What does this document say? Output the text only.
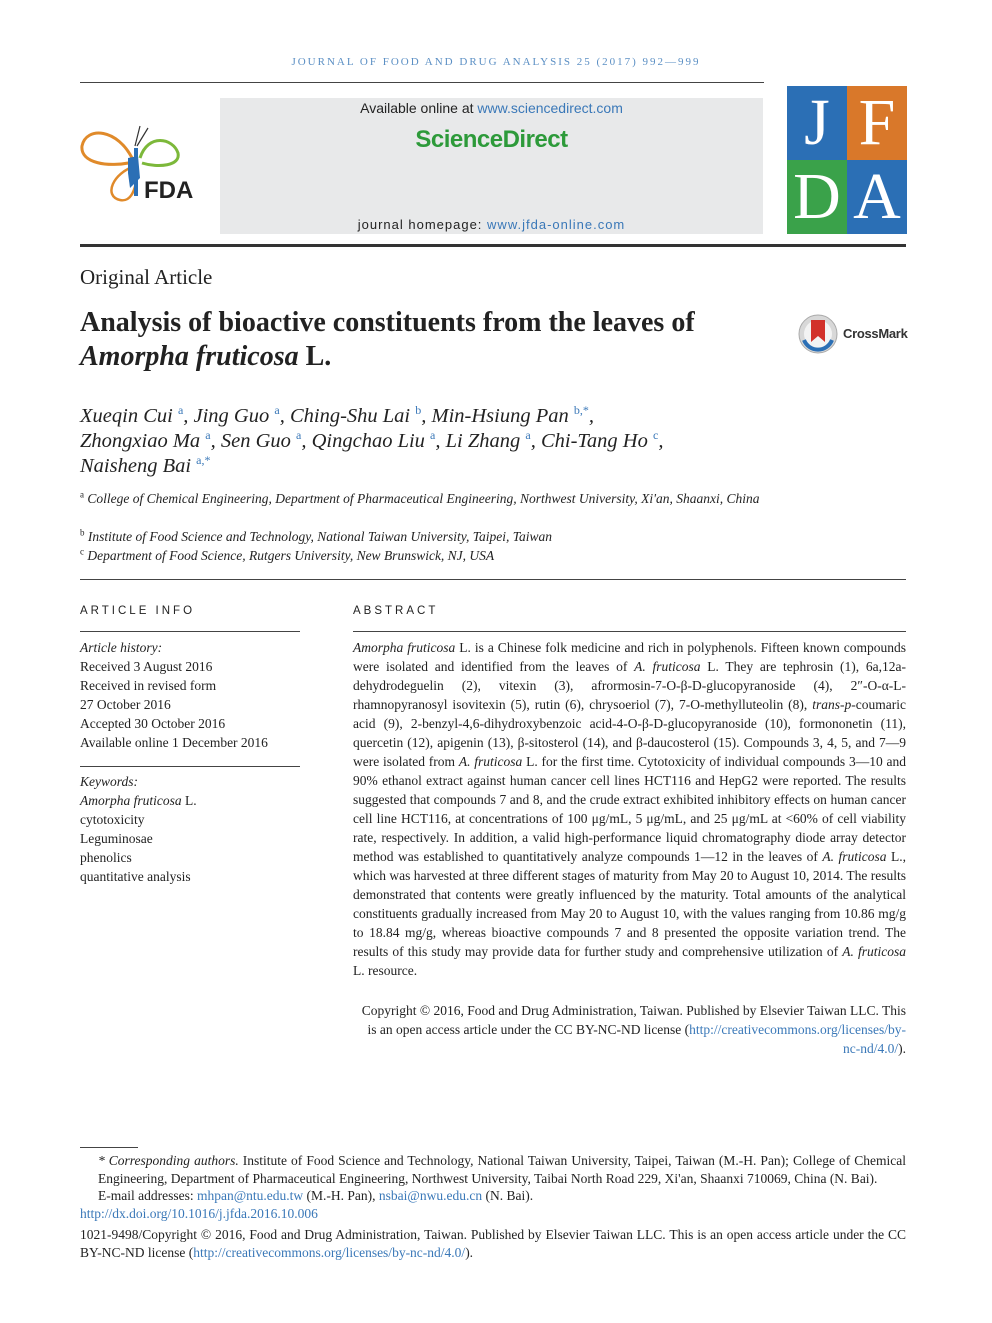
JOURNAL OF FOOD AND DRUG ANALYSIS 25 (2017) 992—999
FDA
Available online at www.sciencedirect.com
ScienceDirect
journal homepage: www.jfda-online.com
J F
D A
Original Article
Analysis of bioactive constituents from the leaves of Amorpha fruticosa L.
CrossMark
Xueqin Cui $^a$, Jing Guo $^a$, Ching-Shu Lai $^b$, Min-Hsiung Pan $^{b,*}$,
Zhongxiao Ma $^a$, Sen Guo $^a$, Qingchao Liu $^a$, Li Zhang $^a$, Chi-Tang Ho $^c$,
Naisheng Bai $^{a,*}$
$^a$ College of Chemical Engineering, Department of Pharmaceutical Engineering, Northwest University, Xi'an, Shaanxi, China
$^b$ Institute of Food Science and Technology, National Taiwan University, Taipei, Taiwan
$^c$ Department of Food Science, Rutgers University, New Brunswick, NJ, USA
ARTICLE INFO
Article history:
Received 3 August 2016
Received in revised form
27 October 2016
Accepted 30 October 2016
Available online 1 December 2016
Keywords:
Amorpha fruticosa L.
cytotoxicity
Leguminosae
phenolics
quantitative analysis
ABSTRACT

Amorpha fruticosa L. is a Chinese folk medicine and rich in polyphenols. Fifteen known compounds were isolated and identified from the leaves of A. fruticosa L. They are tephrosin (1), 6a,12a-dehydrodeguelin (2), vitexin (3), afrormosin-7-O-β-D-glucopyranoside (4), 2″-O-α-L-rhamnopyranosyl isovitexin (5), rutin (6), chrysoeriol (7), 7-O-methylluteolin (8), trans-p-coumaric acid (9), 2-benzyl-4,6-dihydroxybenzoic acid-4-O-β-D-glucopyranoside (10), formononetin (11), quercetin (12), apigenin (13), β-sitosterol (14), and β-daucosterol (15). Compounds 3, 4, 5, and 7—9 were isolated from A. fruticosa L. for the first time. Cytotoxicity of individual compounds 3—10 and 90% ethanol extract against human cancer cell lines HCT116 and HepG2 were reported. The results suggested that compounds 7 and 8, and the crude extract exhibited inhibitory effects on human cancer cell line HCT116, at concentrations of 100 μg/mL, 5 μg/mL, and 25 μg/mL at <60% of cell viability rate, respectively. In addition, a valid high-performance liquid chromatography diode array detector method was established to quantitatively analyze compounds 1—12 in the leaves of A. fruticosa L., which was harvested at three different stages of maturity from May 20 to August 10, 2014. The results demonstrated that contents were greatly influenced by the maturity. Total amounts of the analytical constituents gradually increased from May 20 to August 10, with the values ranging from 10.86 mg/g to 18.84 mg/g, whereas bioactive compounds 7 and 8 presented the opposite variation trend. The results of this study may provide data for further study and comprehensive utilization of A. fruticosa L. resource.

Copyright © 2016, Food and Drug Administration, Taiwan. Published by Elsevier Taiwan LLC. This is an open access article under the CC BY-NC-ND license (http://creativecommons.org/licenses/by-nc-nd/4.0/).
* Corresponding authors. Institute of Food Science and Technology, National Taiwan University, Taipei, Taiwan (M.-H. Pan); College of Chemical Engineering, Department of Pharmaceutical Engineering, Northwest University, Taibai North Road 229, Xi'an, Shaanxi 710069, China (N. Bai).
E-mail addresses: mhpan@ntu.edu.tw (M.-H. Pan), nsbai@nwu.edu.cn (N. Bai).
http://dx.doi.org/10.1016/j.jfda.2016.10.006
1021-9498/Copyright © 2016, Food and Drug Administration, Taiwan. Published by Elsevier Taiwan LLC. This is an open access article under the CC BY-NC-ND license (http://creativecommons.org/licenses/by-nc-nd/4.0/).
